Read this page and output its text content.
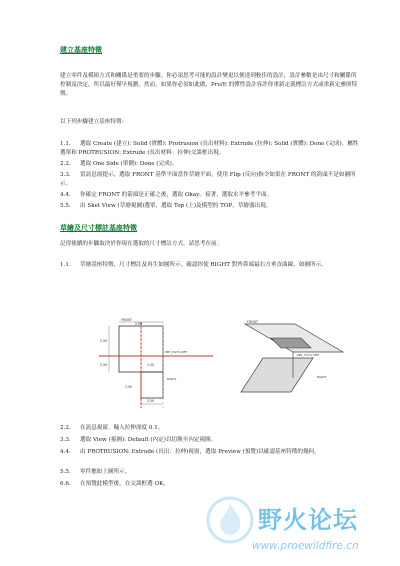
建立基座特徵
建立零件及模組方式和關係是重要的步驟。你必須思考可能的設計變更以便達到較佳的設計，設計參數是由尺寸和關係所控制及決定，所以最好僅早規劃。然而，如果你必須如此做，Pro/E 的彈性設計容許你重新定義標註方式或重新定參照特徵。
以下列步驟建立基座特徵：
1.1. 選取 Create (建立): Solid (實體): Protrusion (長出材料): Extrude (拉伸): Solid (實體): Done (完成)。屬性選單和 PROTRUSION: Extrude (長出材料：拉伸)交談框出現。
2.2. 選取 One Side (單側): Done (完成)。
3.3. 當訊息窗提示，選取 FRONT 基準平面當作草繪平面。使用 Flip (反向)指令如果在 FRONT 的箭頭不是如圖所示。
4.4. 你確定 FRONT 的箭頭是正確之後，選取 Okay。接著，選取水平參考平面。
5.5. 由 Sket View (草繪視圖)選單，選取 Top (上)及模型的 TOP，草繪器出現。
草繪及尺寸標註基座特徵
記得後續的步驟取決於你現在選取的尺寸標註方式，請思考在前。
1.1. 草繪基座特徵、尺寸標註及再生如圖所示。確認你使 RIGHT 對齊鼻端最右方垂直曲線，如圖所示。
FRONT
2.50
2.50
2.50	2.50
2.50
2.50
PRT_CSYS_DEF
RIGHT
FRONT
PRT_CSYS_DEF
RIGHT
2.2. 在訊息視窗，輸入拉伸深度 0.1。
3.3. 選取 View (視圖): Default (內定)以切換至內定視圖。
4.4. 由 PROTRUSION: Extrude (長出：拉伸)視窗，選取 Preview (預覽)以確認基座特徵的幾何。
5.5. 零件應如上圖所示。
6.6. 在預覽此模型後，在交談框選 OK。
野火论坛
www.proewildfire.cn
